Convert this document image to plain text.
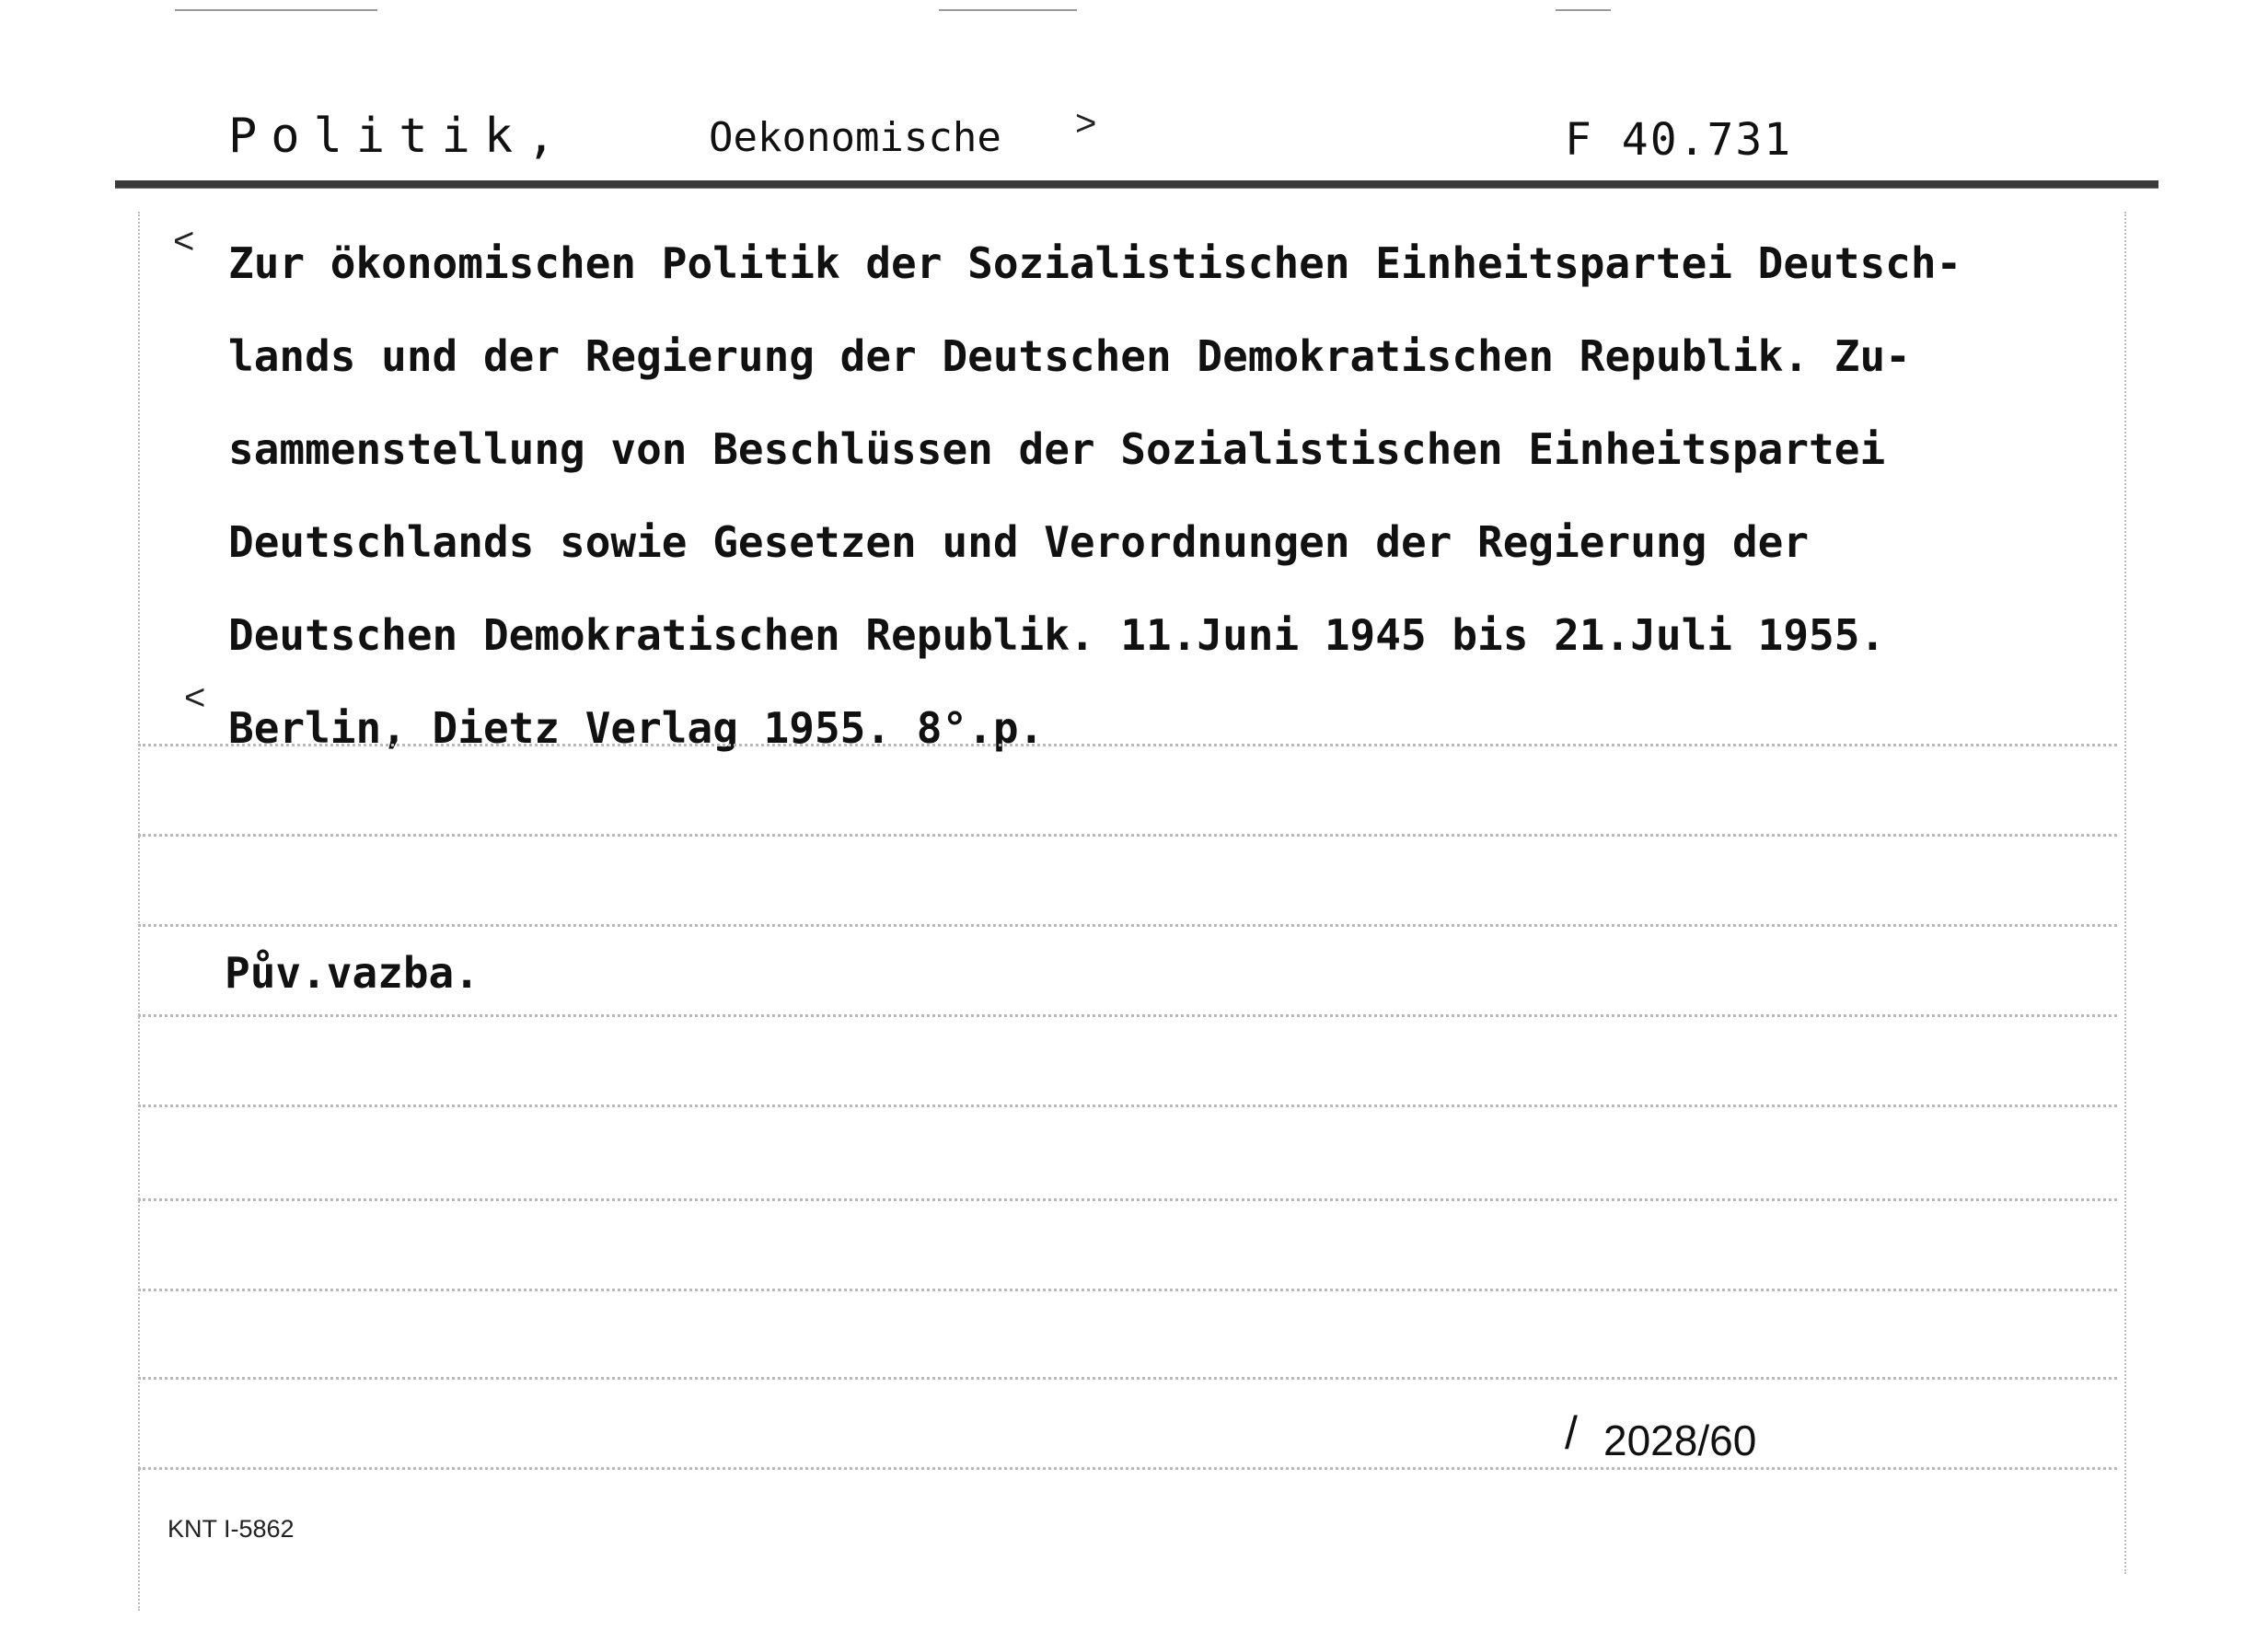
Politik,	Oekonomische >	F 40.731
Zur ökonomischen Politik der Sozialistischen Einheitspartei Deutsch-
lands und der Regierung der Deutschen Demokratischen Republik. Zu-
sammenstellung von Beschlüssen der Sozialistischen Einheitspartei
Deutschlands sowie Gesetzen und Verordnungen der Regierung der
Deutschen Demokratischen Republik. 11.Juni 1945 bis 21.Juli 1955.
Berlin, Dietz Verlag 1955. 8°.p.
<
<
Pův.vazba.
/ 2028/60
KNT I-5862
